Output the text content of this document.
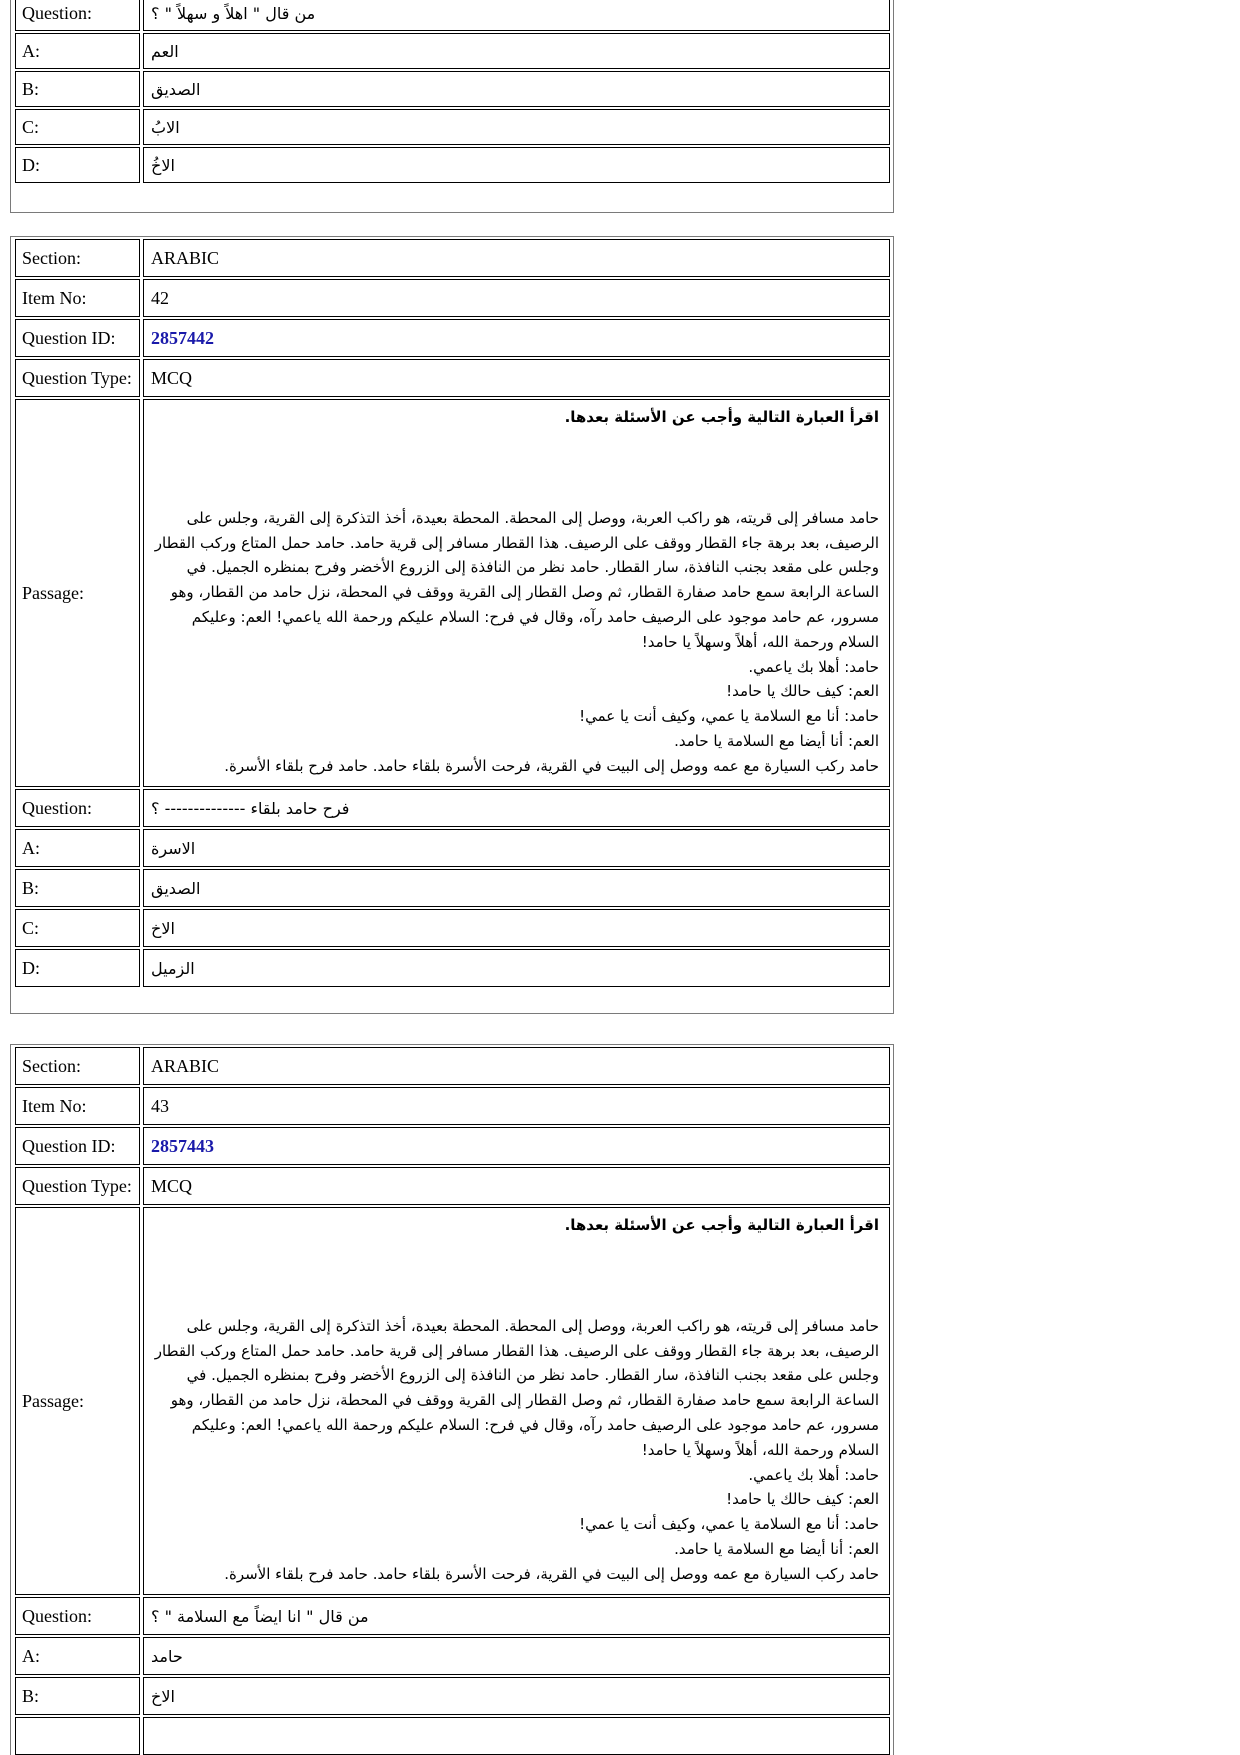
Question:	من قال " اهلاً و سهلاً " ؟
A:	العم
B:	الصديق
C:	الابُ
D:	الاخُ
Section:	ARABIC
Item No:	42
Question ID:	2857442
Question Type:	MCQ
Passage:
اقرأ العبارة التالية وأجب عن الأسئلة بعدها.
حامد مسافر إلى قريته، هو راكب العربة، ووصل إلى المحطة. المحطة بعيدة، أخذ التذكرة إلى القرية، وجلس على الرصيف، بعد برهة جاء القطار ووقف على الرصيف. هذا القطار مسافر إلى قرية حامد. حامد حمل المتاع وركب القطار وجلس على مقعد بجنب النافذة، سار القطار. حامد نظر من النافذة إلى الزروع الأخضر وفرح بمنظره الجميل. في الساعة الرابعة سمع حامد صفارة القطار، ثم وصل القطار إلى القرية ووقف في المحطة، نزل حامد من القطار، وهو مسرور، عم حامد موجود على الرصيف حامد رآه، وقال في فرح: السلام عليكم ورحمة الله ياعمي! العم: وعليكم السلام ورحمة الله، أهلاً وسهلاً يا حامد!
حامد: أهلا بك ياعمي.
العم: كيف حالك يا حامد!
حامد: أنا مع السلامة يا عمي، وكيف أنت يا عمي!
العم: أنا أيضا مع السلامة يا حامد.
حامد ركب السيارة مع عمه ووصل إلى البيت في القرية، فرحت الأسرة بلقاء حامد. حامد فرح بلقاء الأسرة.
Question:	فرح حامد بلقاء -------------- ؟
A:	الاسرة
B:	الصديق
C:	الاخ
D:	الزميل
Section:	ARABIC
Item No:	43
Question ID:	2857443
Question Type:	MCQ
Passage:
اقرأ العبارة التالية وأجب عن الأسئلة بعدها.
حامد مسافر إلى قريته، هو راكب العربة، ووصل إلى المحطة. المحطة بعيدة، أخذ التذكرة إلى القرية، وجلس على الرصيف، بعد برهة جاء القطار ووقف على الرصيف. هذا القطار مسافر إلى قرية حامد. حامد حمل المتاع وركب القطار وجلس على مقعد بجنب النافذة، سار القطار. حامد نظر من النافذة إلى الزروع الأخضر وفرح بمنظره الجميل. في الساعة الرابعة سمع حامد صفارة القطار، ثم وصل القطار إلى القرية ووقف في المحطة، نزل حامد من القطار، وهو مسرور، عم حامد موجود على الرصيف حامد رآه، وقال في فرح: السلام عليكم ورحمة الله ياعمي! العم: وعليكم السلام ورحمة الله، أهلاً وسهلاً يا حامد!
حامد: أهلا بك ياعمي.
العم: كيف حالك يا حامد!
حامد: أنا مع السلامة يا عمي، وكيف أنت يا عمي!
العم: أنا أيضا مع السلامة يا حامد.
حامد ركب السيارة مع عمه ووصل إلى البيت في القرية، فرحت الأسرة بلقاء حامد. حامد فرح بلقاء الأسرة.
Question:	من قال " انا ايضاً مع السلامة " ؟
A:	حامد
B:	الاخ
